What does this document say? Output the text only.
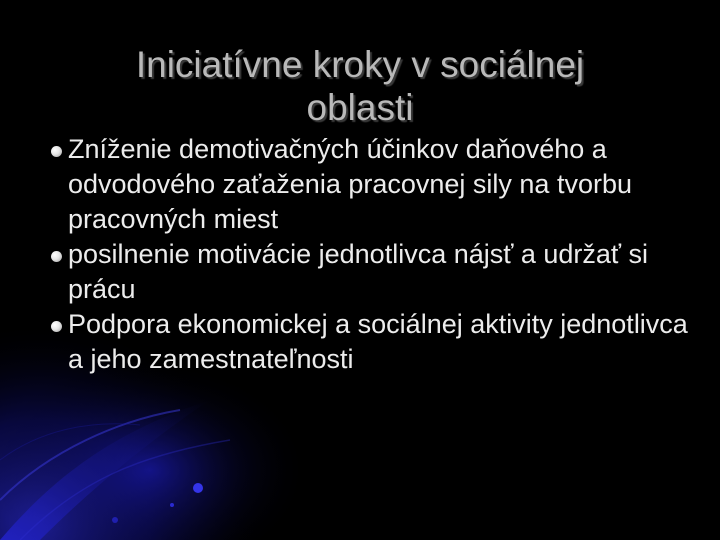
Iniciatívne kroky v sociálnej
oblasti
Zníženie demotivačných účinkov daňového a odvodového zaťaženia pracovnej sily na tvorbu pracovných miest
posilnenie motivácie jednotlivca nájsť a udržať si prácu
Podpora ekonomickej a sociálnej aktivity jednotlivca a jeho zamestnateľnosti
